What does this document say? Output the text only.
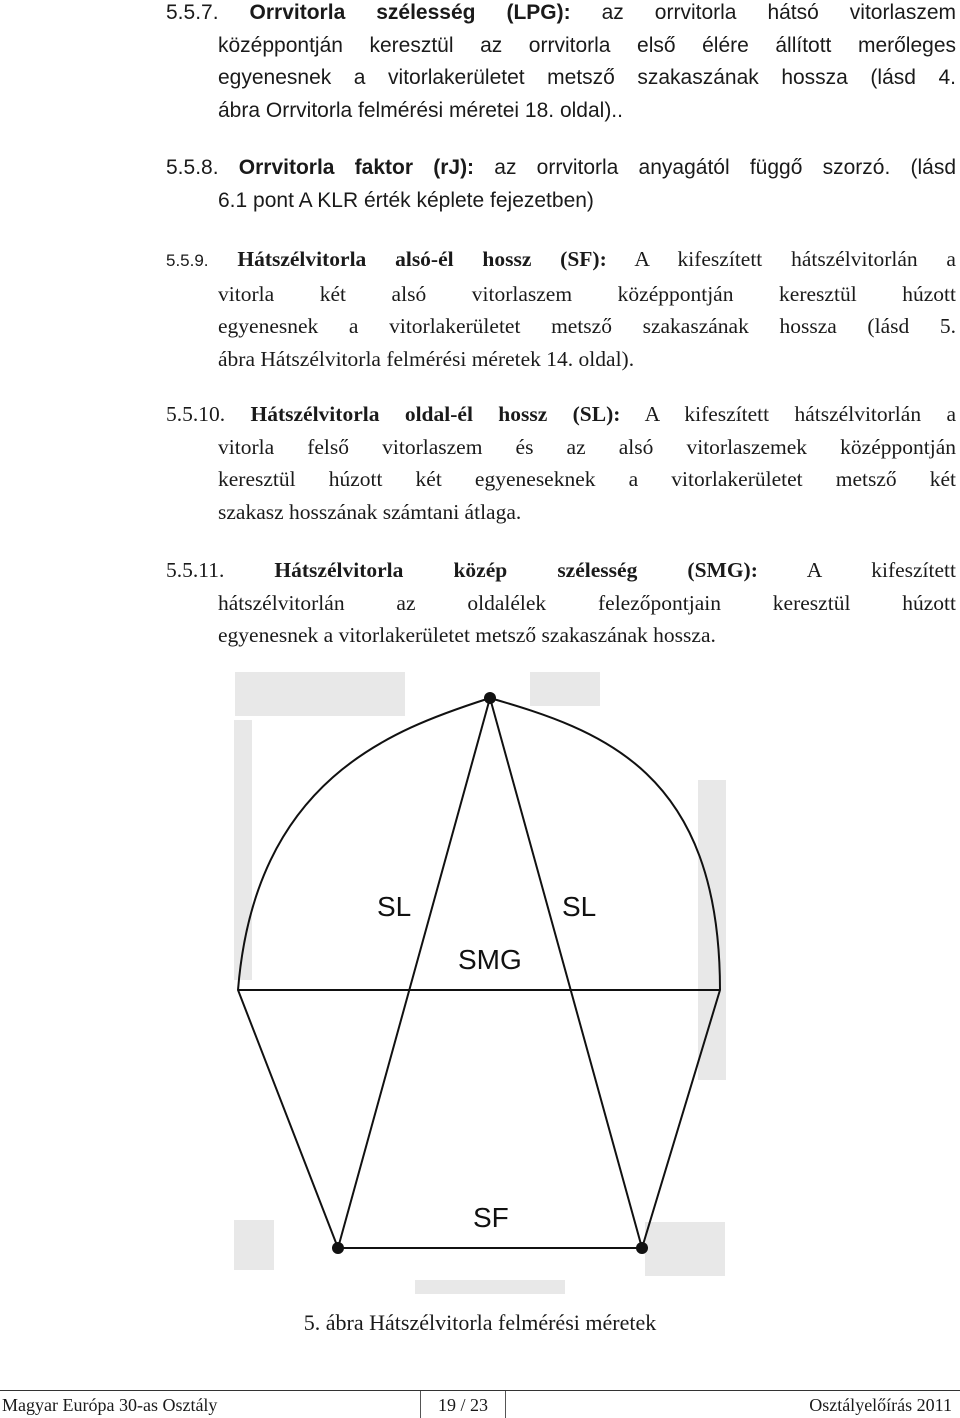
5.5.7. Orrvitorla szélesség (LPG): az orrvitorla hátsó vitorlaszem
középpontján keresztül az orrvitorla első élére állított merőleges
egyenesnek a vitorlakerületet metsző szakaszának hossza (lásd 4.
ábra Orrvitorla felmérési méretei 18. oldal)..
5.5.8. Orrvitorla faktor (rJ): az orrvitorla anyagától függő szorzó. (lásd
6.1 pont A KLR érték képlete fejezetben)
5.5.9. Hátszélvitorla alsó-él hossz (SF): A kifeszített hátszélvitorlán a
vitorla két alsó vitorlaszem középpontján keresztül húzott
egyenesnek a vitorlakerületet metsző szakaszának hossza (lásd 5.
ábra Hátszélvitorla felmérési méretek 14. oldal).
5.5.10. Hátszélvitorla oldal-él hossz (SL): A kifeszített hátszélvitorlán a
vitorla felső vitorlaszem és az alsó vitorlaszemek középpontján
keresztül húzott két egyeneseknek a vitorlakerületet metsző két
szakasz hosszának számtani átlaga.
5.5.11. Hátszélvitorla közép szélesség (SMG): A kifeszített
hátszélvitorlán az oldalélek felezőpontjain keresztül húzott
egyenesnek a vitorlakerületet metsző szakaszának hossza.
SL	SL
SMG
SF
5. ábra Hátszélvitorla felmérési méretek
Magyar Európa 30-as Osztály	19 / 23	Osztályelőírás 2011
